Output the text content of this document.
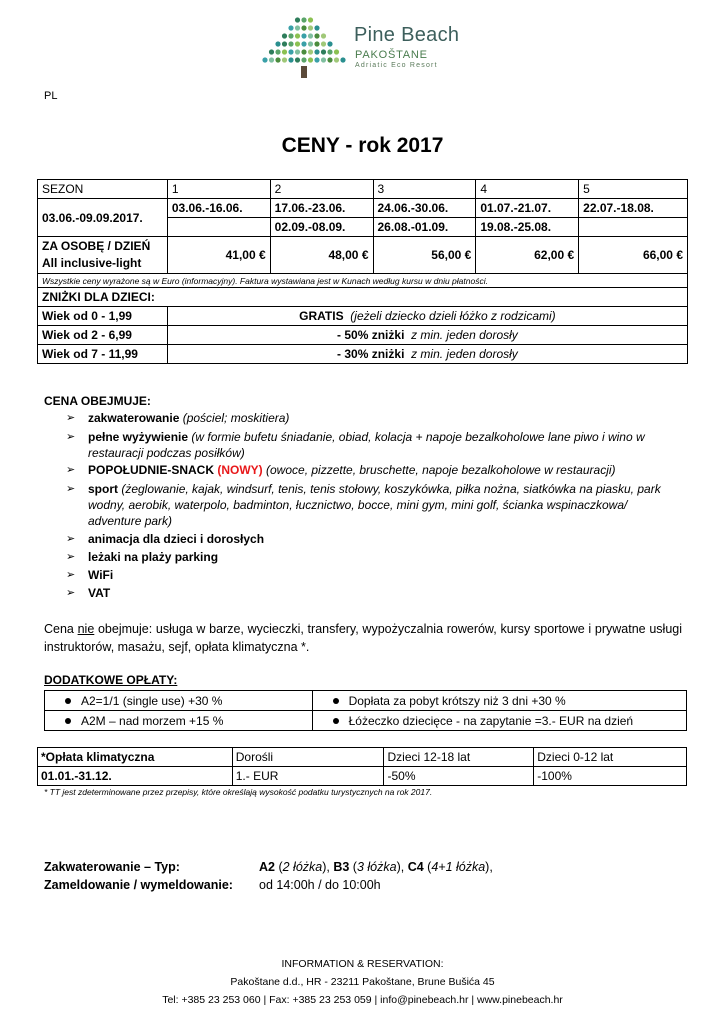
Pine Beach
PAKOŠTANE
Adriatic Eco Resort
PL
CENY - rok 2017
SEZON	1	2	3	4	5
03.06.-09.09.2017.	03.06.-16.06.	17.06.-23.06.	24.06.-30.06.	01.07.-21.07.	22.07.-18.08.
		02.09.-08.09.	26.08.-01.09.	19.08.-25.08.	

ZA OSOBĘ / DZIEŃ
All inclusive-light	41,00 €	48,00 €	56,00 €	62,00 €	66,00 €
Wszystkie ceny wyrażone są w Euro (informacyjny). Faktura wystawiana jest w Kunach według kursu w dniu płatności.					
ZNIŻKI DLA DZIECI:					
Wiek od 0 - 1,99	GRATIS (jeżeli dziecko dzieli łóżko z rodzicami)				
Wiek od 2 - 6,99	- 50% zniżki z min. jeden dorosły				
Wiek od 7 - 11,99	- 30% zniżki z min. jeden dorosły				
CENA OBEJMUJE:
➢ zakwaterowanie (pościel; moskitiera)
➢ pełne wyżywienie (w formie bufetu śniadanie, obiad, kolacja + napoje bezalkoholowe lane piwo i wino w restauracji podczas posiłków)
➢ POPOŁUDNIE-SNACK (NOWY) (owoce, pizzette, bruschette, napoje bezalkoholowe w restauracji)
➢ sport (żeglowanie, kajak, windsurf, tenis, tenis stołowy, koszykówka, piłka nożna, siatkówka na piasku, park wodny, aerobik, waterpolo, badminton, łucznictwo, bocce, mini gym, mini golf, ścianka wspinaczkowa/ adventure park)
➢ animacja dla dzieci i dorosłych
➢ leżaki na plaży parking
➢ WiFi
➢ VAT
Cena nie obejmuje: usługa w barze, wycieczki, transfery, wypożyczalnia rowerów, kursy sportowe i prywatne usługi instruktorów, masażu, sejf, opłata klimatyczna *.
DODATKOWE OPŁATY:
A2=1/1 (single use) +30 %	Dopłata za pobyt krótszy niż 3 dni +30 %
A2M – nad morzem +15 %	Łóżeczko dziecięce - na zapytanie =3.- EUR na dzień
*Opłata klimatyczna	Dorośli	Dzieci 12-18 lat	Dzieci 0-12 lat
01.01.-31.12.	1.- EUR	-50%	-100%
* TT jest zdeterminowane przez przepisy, które określają wysokość podatku turystycznych na rok 2017.
Zakwaterowanie – Typ:	A2 (2 łóżka), B3 (3 łóżka), C4 (4+1 łóżka),
Zameldowanie / wymeldowanie: od 14:00h / do 10:00h
INFORMATION & RESERVATION:
Pakoštane d.d., HR - 23211 Pakoštane, Brune Bušića 45
Tel: +385 23 253 060 | Fax: +385 23 253 059 | info@pinebeach.hr | www.pinebeach.hr
